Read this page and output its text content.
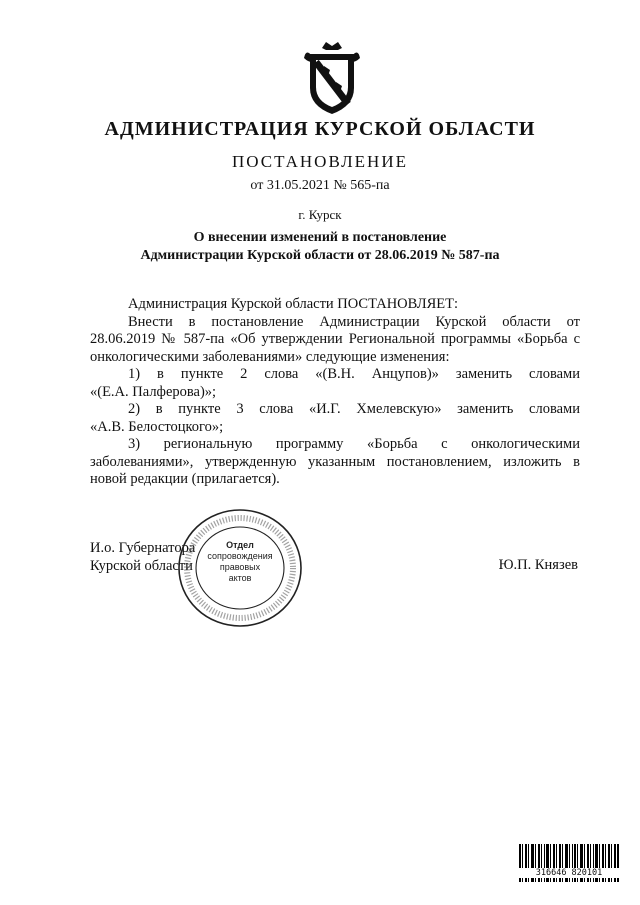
АДМИНИСТРАЦИЯ КУРСКОЙ ОБЛАСТИ
ПОСТАНОВЛЕНИЕ
от 31.05.2021 № 565-па
г. Курск
О внесении изменений в постановление
Администрации Курской области от 28.06.2019 № 587-па

Администрация Курской области ПОСТАНОВЛЯЕТ:

Внести в постановление Администрации Курской области от

28.06.2019 № 587-па «Об утверждении Региональной программы «Борьба с

онкологическими заболеваниями» следующие изменения:

1) в пункте 2 слова «(В.Н. Анцупов)» заменить словами

«(Е.А. Палферова)»;

2) в пункте 3 слова «И.Г. Хмелевскую» заменить словами

«А.В. Белостоцкого»;

3) региональную программу «Борьба с онкологическими

заболеваниями», утвержденную указанным постановлением, изложить в

новой редакции (прилагается).

И.о. Губернатора
Курской области	Ю.П. Князев
Отдел
сопровождения
правовых
актов
316646 820101
